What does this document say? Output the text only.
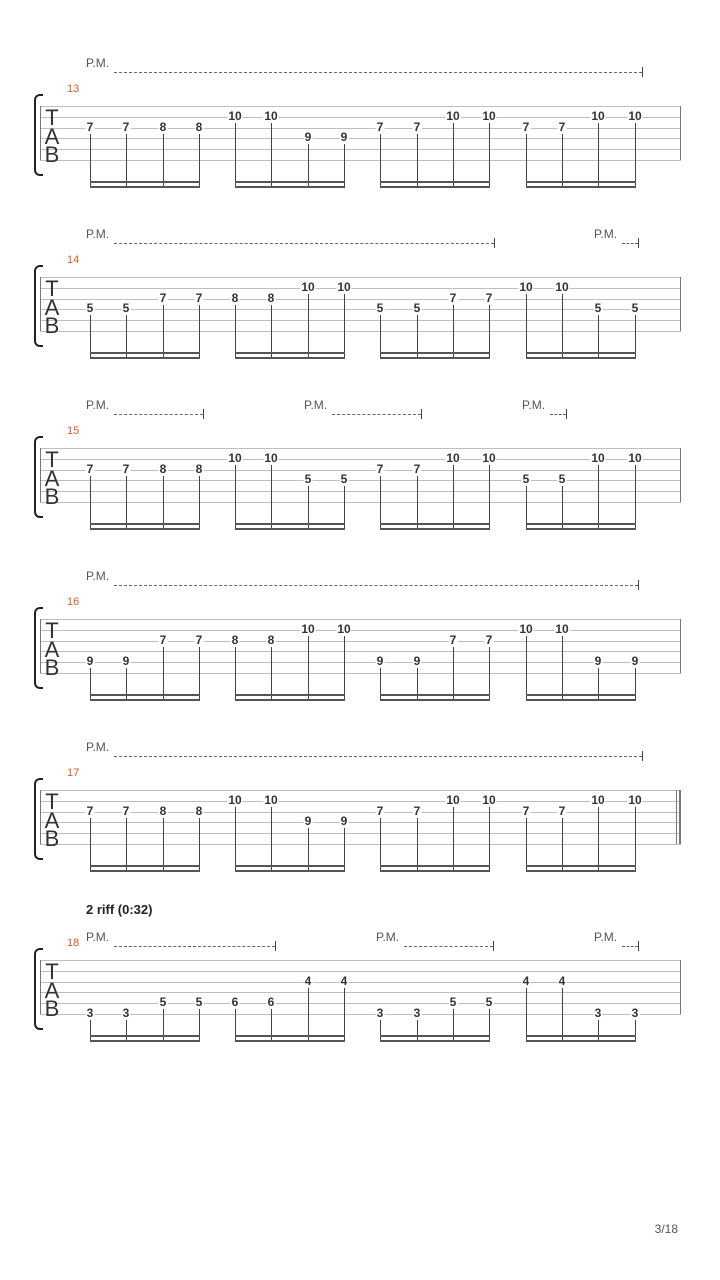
P.M.
13
T
A
B
7 7	8 8
10 10
9 9
7	7
10 10
7 7
10 10
P.M.	P.M.
14
T
A
B
5 5
7 7 8 8
10 10
5	5
7 7
10 10
5	5
P.M.	P.M.	P.M.
15
T
A
B
7 7	8 8
10 10
5 5
7	7
10 10
5 5
10 10
P.M.
16
T
A
B 9 9
7 7 8 8
10 10
9	9
7 7
10 10
9	9
P.M.
17
T
A
B
7 7	8 8
10 10
9 9
7	7
10 10
7 7
10 10
2 riff (0:32)
P.M.	P.M.	P.M.
18
T
A
B 3 3
5 5 6 6
4 4
3	3
5 5
4 4
3	3
3/18
